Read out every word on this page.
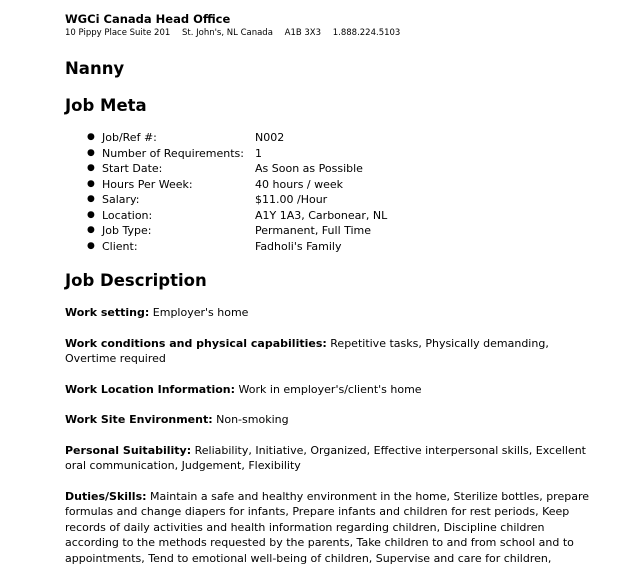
WGCi Canada Head Office
10 Pippy Place Suite 201 St. John's, NL Canada A1B 3X3 1.888.224.5103
Nanny
Job Meta
● Job/Ref #:	N002
● Number of Requirements: 1
● Start Date:	As Soon as Possible
● Hours Per Week:	40 hours / week
● Salary:	$11.00 /Hour
● Location:	A1Y 1A3, Carbonear, NL
● Job Type:	Permanent, Full Time
● Client:	Fadholi's Family
Job Description

Work setting: Employer's home

Work conditions and physical capabilities: Repetitive tasks, Physically demanding, Overtime required

Work Location Information: Work in employer's/client's home

Work Site Environment: Non-smoking

Personal Suitability: Reliability, Initiative, Organized, Effective interpersonal skills, Excellent oral communication, Judgement, Flexibility

Duties/Skills: Maintain a safe and healthy environment in the home, Sterilize bottles, prepare formulas and change diapers for infants, Prepare infants and children for rest periods, Keep records of daily activities and health information regarding children, Discipline children according to the methods requested by the parents, Take children to and from school and to appointments, Tend to emotional well-being of children, Supervise and care for children,
